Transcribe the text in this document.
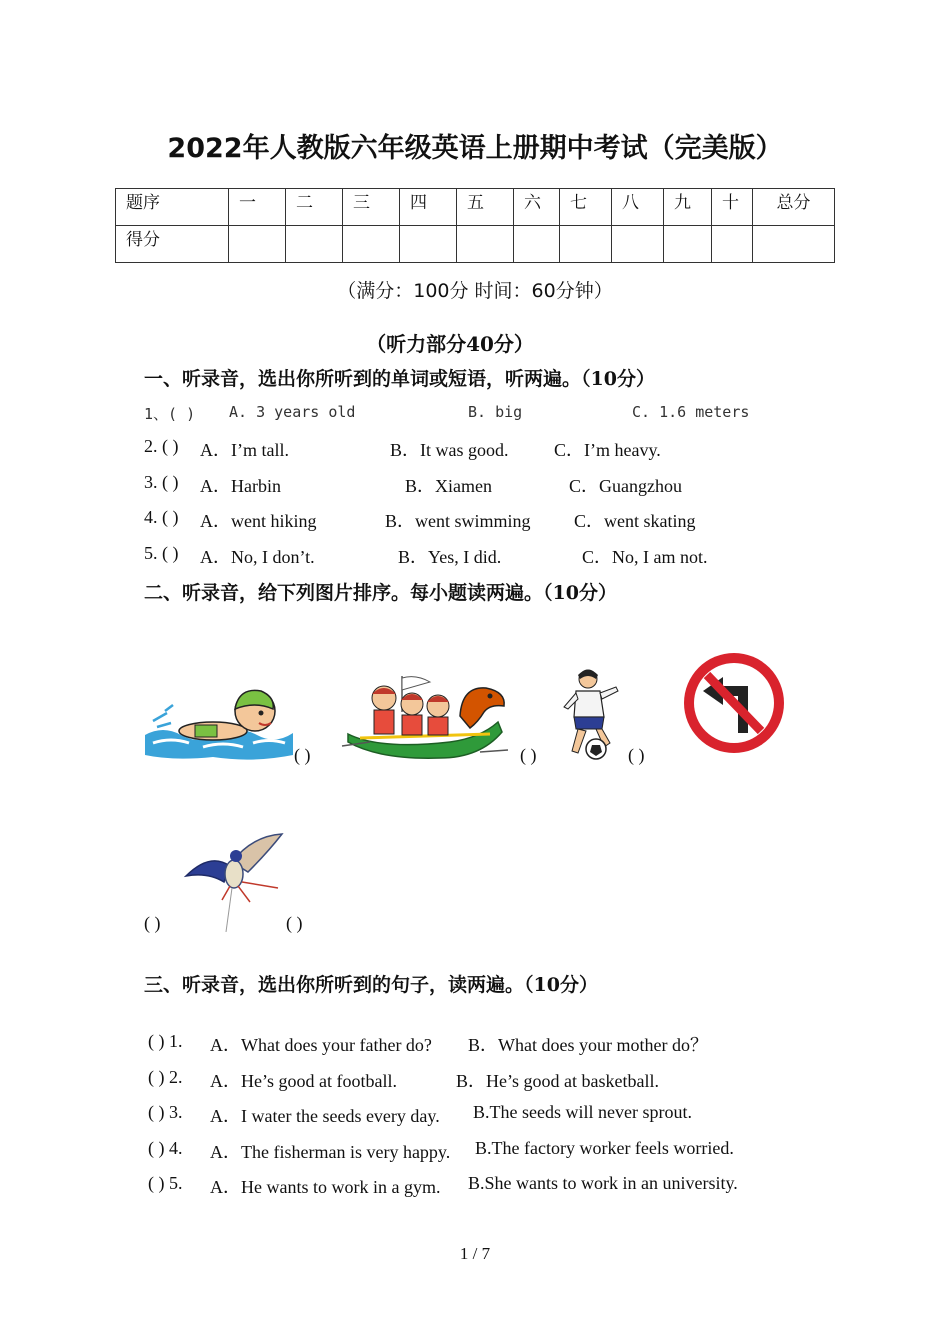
2022年人教版六年级英语上册期中考试（完美版）
题序	一	二	三	四	五	六	七	八	九	十	总分
得分											
（满分：100分 时间：60分钟）
（听力部分40分）
一、听录音，选出你所听到的单词或短语，听两遍。（10分）
1、( ) A. 3 years old	B. big	C. 1.6 meters
2. ( ) A．I’m tall.	B．It was good.	C．I’m heavy.
3. ( ) A．Harbin	B．Xiamen	C．Guangzhou
4. ( ) A．went hiking	B．went swimming C．went skating
5. ( ) A．No, I don’t.	B．Yes, I did.	C．No, I am not.
二、听录音，给下列图片排序。每小题读两遍。（10分）
( )	( )	( )
( )	( )
三、听录音，选出你所听到的句子，读两遍。（10分）
( ) 1. A．What does your father do? B．What does your mother do？
( ) 2. A．He’s good at football.	B．He’s good at basketball.
( ) 3. A．I water the seeds every day. B.The seeds will never sprout.
( ) 4. A．The fisherman is very happy. B.The factory worker feels worried.
( ) 5. A．He wants to work in a gym. B.She wants to work in an university.
1 / 7
